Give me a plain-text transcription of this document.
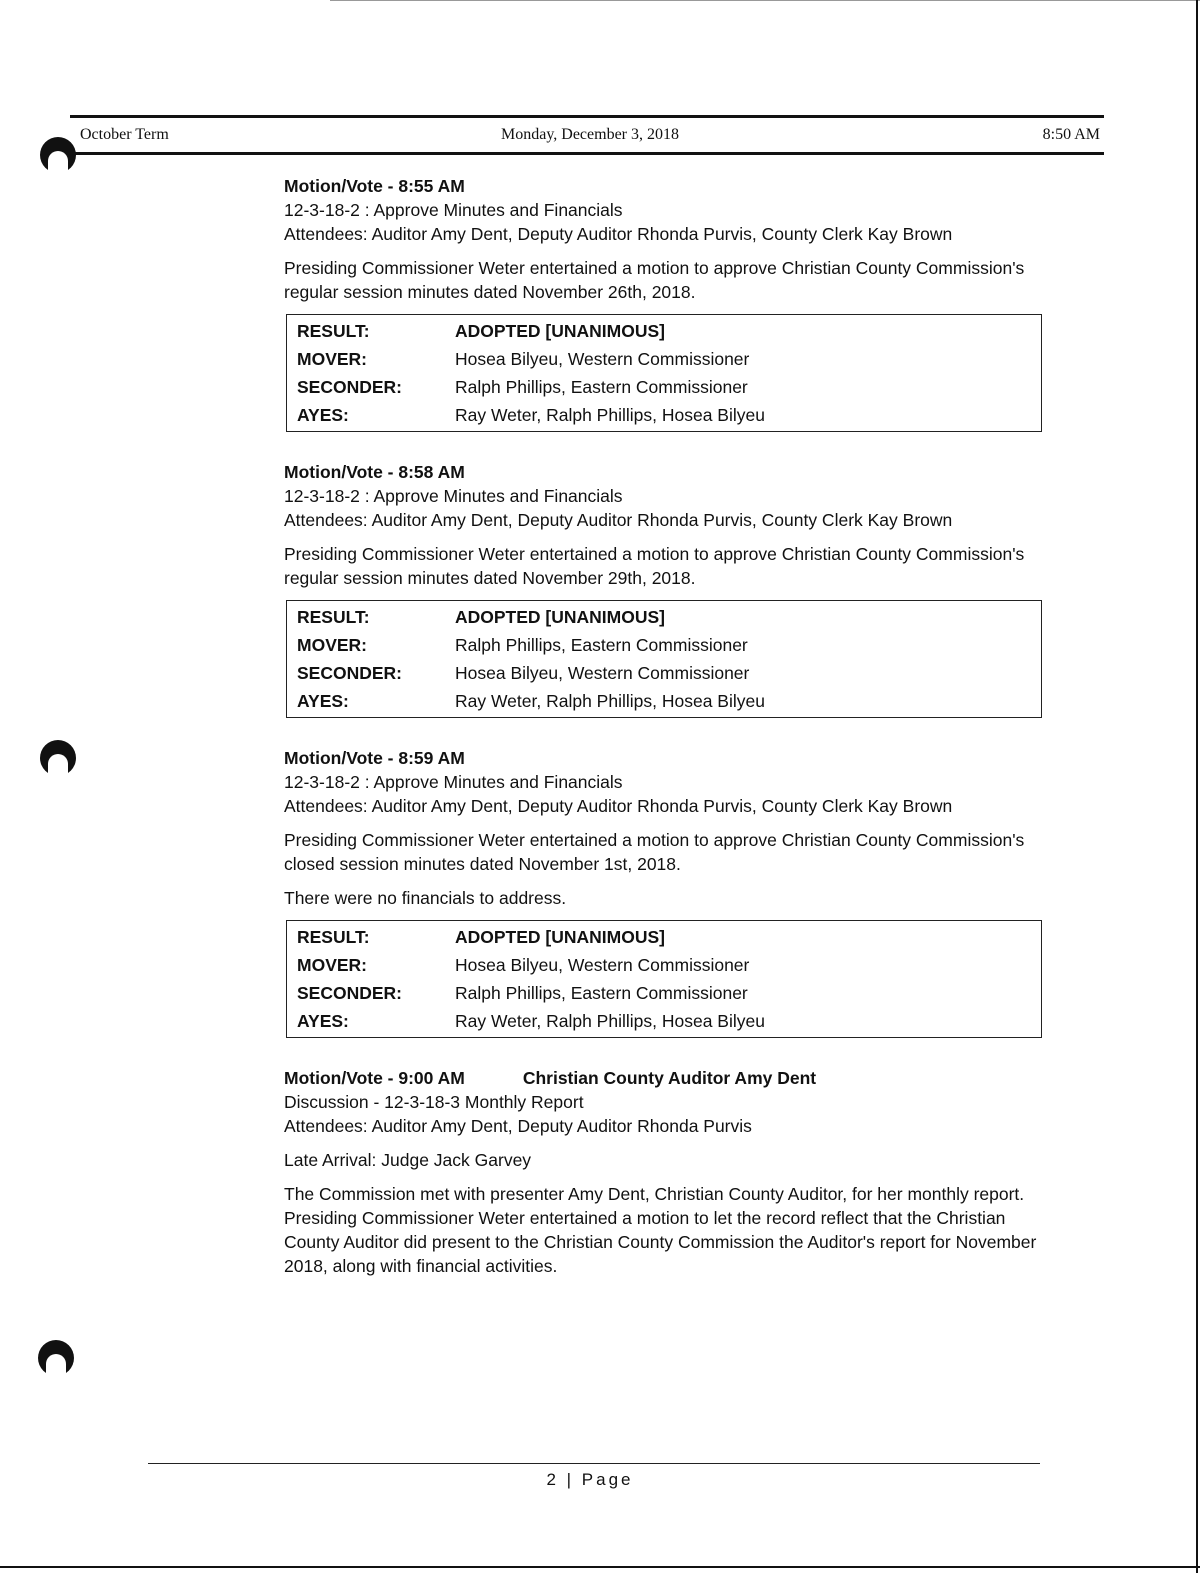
October Term	Monday, December 3, 2018	8:50 AM
Motion/Vote - 8:55 AM
12-3-18-2 : Approve Minutes and Financials
Attendees: Auditor Amy Dent, Deputy Auditor Rhonda Purvis, County Clerk Kay Brown
Presiding Commissioner Weter entertained a motion to approve Christian County Commission's regular session minutes dated November 26th, 2018.
RESULT:	ADOPTED [UNANIMOUS]
MOVER:	Hosea Bilyeu, Western Commissioner
SECONDER:	Ralph Phillips, Eastern Commissioner
AYES:	Ray Weter, Ralph Phillips, Hosea Bilyeu
Motion/Vote - 8:58 AM
12-3-18-2 : Approve Minutes and Financials
Attendees: Auditor Amy Dent, Deputy Auditor Rhonda Purvis, County Clerk Kay Brown
Presiding Commissioner Weter entertained a motion to approve Christian County Commission's regular session minutes dated November 29th, 2018.
RESULT:	ADOPTED [UNANIMOUS]
MOVER:	Ralph Phillips, Eastern Commissioner
SECONDER:	Hosea Bilyeu, Western Commissioner
AYES:	Ray Weter, Ralph Phillips, Hosea Bilyeu
Motion/Vote - 8:59 AM
12-3-18-2 : Approve Minutes and Financials
Attendees: Auditor Amy Dent, Deputy Auditor Rhonda Purvis, County Clerk Kay Brown
Presiding Commissioner Weter entertained a motion to approve Christian County Commission's closed session minutes dated November 1st, 2018.
There were no financials to address.
RESULT:	ADOPTED [UNANIMOUS]
MOVER:	Hosea Bilyeu, Western Commissioner
SECONDER:	Ralph Phillips, Eastern Commissioner
AYES:	Ray Weter, Ralph Phillips, Hosea Bilyeu
Motion/Vote - 9:00 AM	Christian County Auditor Amy Dent
Discussion - 12-3-18-3 Monthly Report
Attendees: Auditor Amy Dent, Deputy Auditor Rhonda Purvis
Late Arrival: Judge Jack Garvey
The Commission met with presenter Amy Dent, Christian County Auditor, for her monthly report. Presiding Commissioner Weter entertained a motion to let the record reflect that the Christian County Auditor did present to the Christian County Commission the Auditor's report for November 2018, along with financial activities.
2 | Page
